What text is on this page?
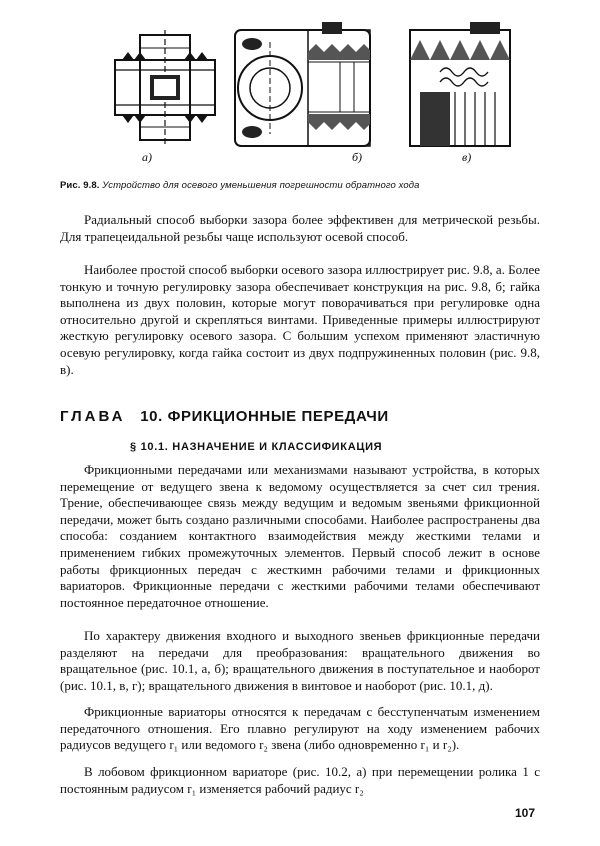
а)	б)	в)
Рис. 9.8. Устройство для осевого уменьшения погрешности обратного хода

Радиальный способ выборки зазора более эффективен для метрической резьбы. Для трапецеидальной резьбы чаще используют осевой способ.

Наиболее простой способ выборки осевого зазора иллюстрирует рис. 9.8, а. Более тонкую и точную регулировку зазора обеспечивает конструкция на рис. 9.8, б; гайка выполнена из двух половин, которые могут поворачиваться при регулировке одна относительно другой и скрепляться винтами. Приведенные примеры иллюстрируют жесткую регулировку осевого зазора. С большим успехом применяют эластичную осевую регулировку, когда гайка состоит из двух подпружиненных половин (рис. 9.8, в).

ГЛАВА 10. ФРИКЦИОННЫЕ ПЕРЕДАЧИ
§ 10.1. НАЗНАЧЕНИЕ И КЛАССИФИКАЦИЯ

Фрикционными передачами или механизмами называют устройства, в которых перемещение от ведущего звена к ведомому осуществляется за счет сил трения. Трение, обеспечивающее связь между ведущим и ведомым звеньями фрикционной передачи, может быть создано различными способами. Наиболее распространены два способа: созданием контактного взаимодействия между жесткими телами и применением гибких промежуточных элементов. Первый способ лежит в основе работы фрикционных передач с жесткимн рабочими телами и фрикционных вариаторов. Фрикционные передачи с жесткими рабочими телами обеспечивают постоянное передаточное отношение.

По характеру движения входного и выходного звеньев фрикционные передачи разделяют на передачи для преобразования: вращательного движения во вращательное (рис. 10.1, а, б); вращательного движения в поступательное и наоборот (рис. 10.1, в, г); вращательного движения в винтовое и наоборот (рис. 10.1, д).

Фрикционные вариаторы относятся к передачам с бесступенчатым изменением передаточного отношения. Его плавно регулируют на ходу изменением рабочих радиусов ведущего r₁ или ведомого r₂ звена (либо одновременно r₁ и r₂).

В лобовом фрикционном вариаторе (рис. 10.2, а) при перемещении ролика 1 с постоянным радиусом r₁ изменяется рабочий радиус r₂

107
